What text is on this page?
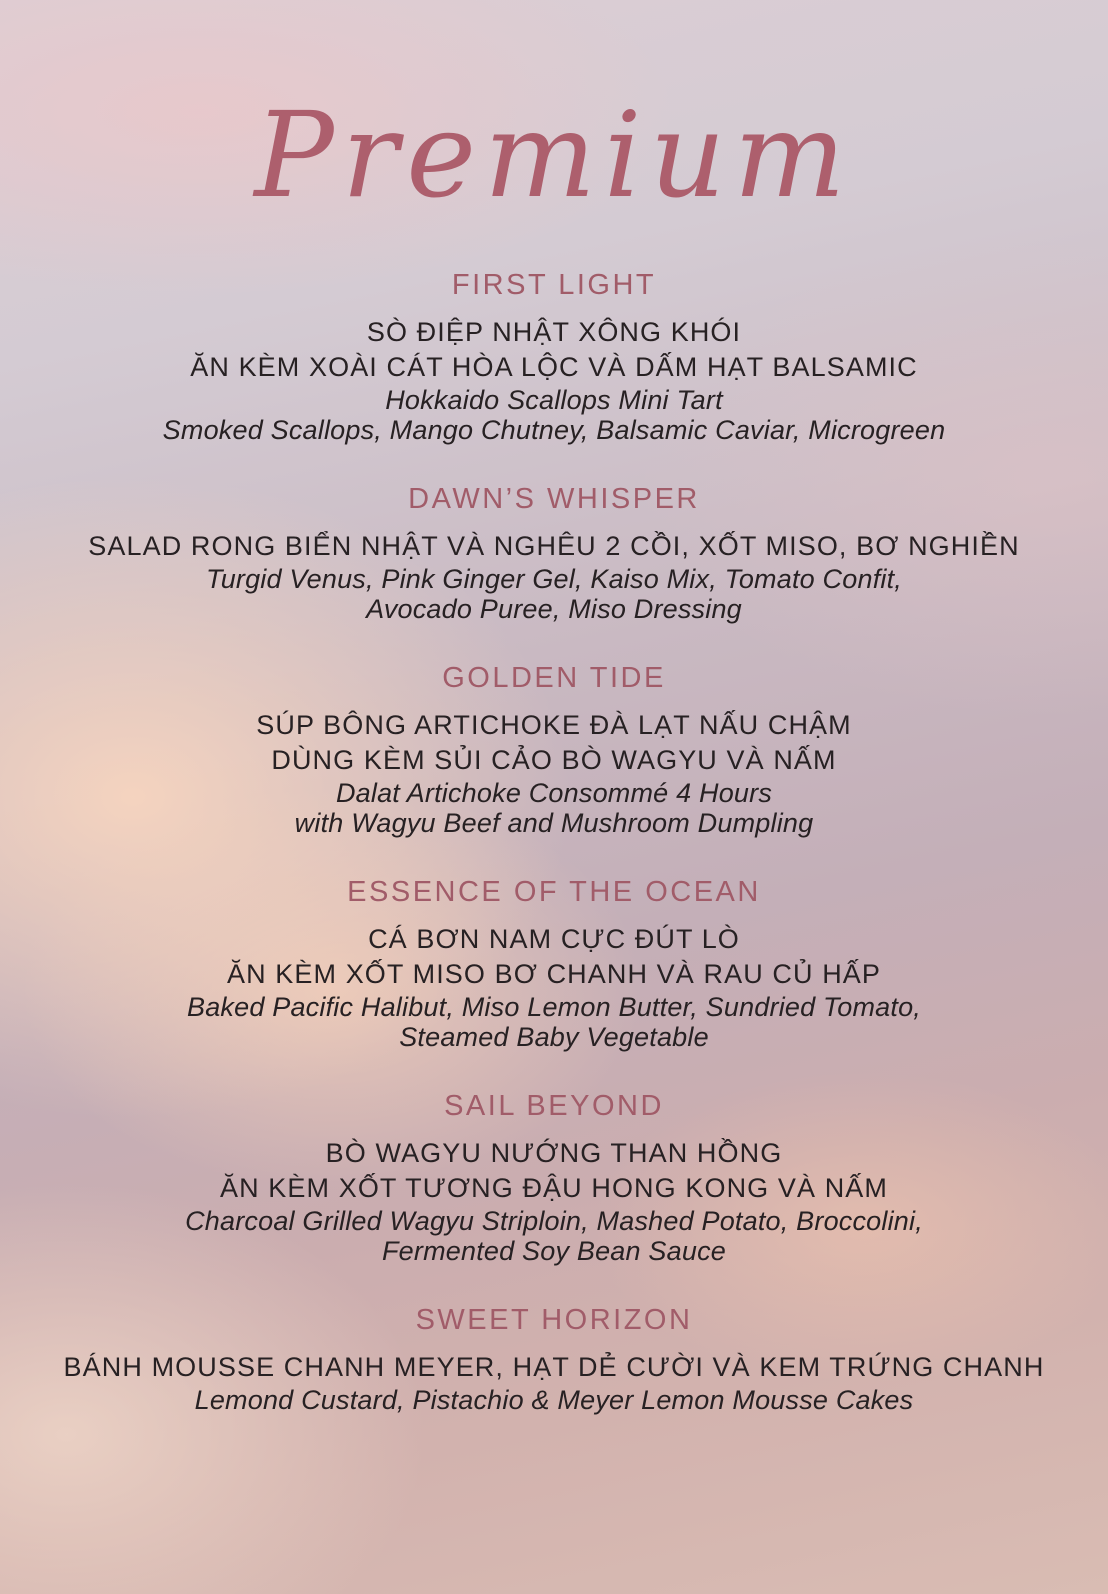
Premium
FIRST LIGHT

SÒ ĐIỆP NHẬT XÔNG KHÓI

ĂN KÈM XOÀI CÁT HÒA LỘC VÀ DẤM HẠT BALSAMIC

Hokkaido Scallops Mini Tart

Smoked Scallops, Mango Chutney, Balsamic Caviar, Microgreen

DAWN’S WHISPER

SALAD RONG BIỂN NHẬT VÀ NGHÊU 2 CỒI, XỐT MISO, BƠ NGHIỀN

Turgid Venus, Pink Ginger Gel, Kaiso Mix, Tomato Confit,

Avocado Puree, Miso Dressing

GOLDEN TIDE

SÚP BÔNG ARTICHOKE ĐÀ LẠT NẤU CHẬM

DÙNG KÈM SỦI CẢO BÒ WAGYU VÀ NẤM

Dalat Artichoke Consommé 4 Hours

with Wagyu Beef and Mushroom Dumpling

ESSENCE OF THE OCEAN

CÁ BƠN NAM CỰC ĐÚT LÒ

ĂN KÈM XỐT MISO BƠ CHANH VÀ RAU CỦ HẤP

Baked Pacific Halibut, Miso Lemon Butter, Sundried Tomato,

Steamed Baby Vegetable

SAIL BEYOND

BÒ WAGYU NƯỚNG THAN HỒNG

ĂN KÈM XỐT TƯƠNG ĐẬU HONG KONG VÀ NẤM

Charcoal Grilled Wagyu Striploin, Mashed Potato, Broccolini,

Fermented Soy Bean Sauce

SWEET HORIZON

BÁNH MOUSSE CHANH MEYER, HẠT DẺ CƯỜI VÀ KEM TRỨNG CHANH

Lemond Custard, Pistachio & Meyer Lemon Mousse Cakes
